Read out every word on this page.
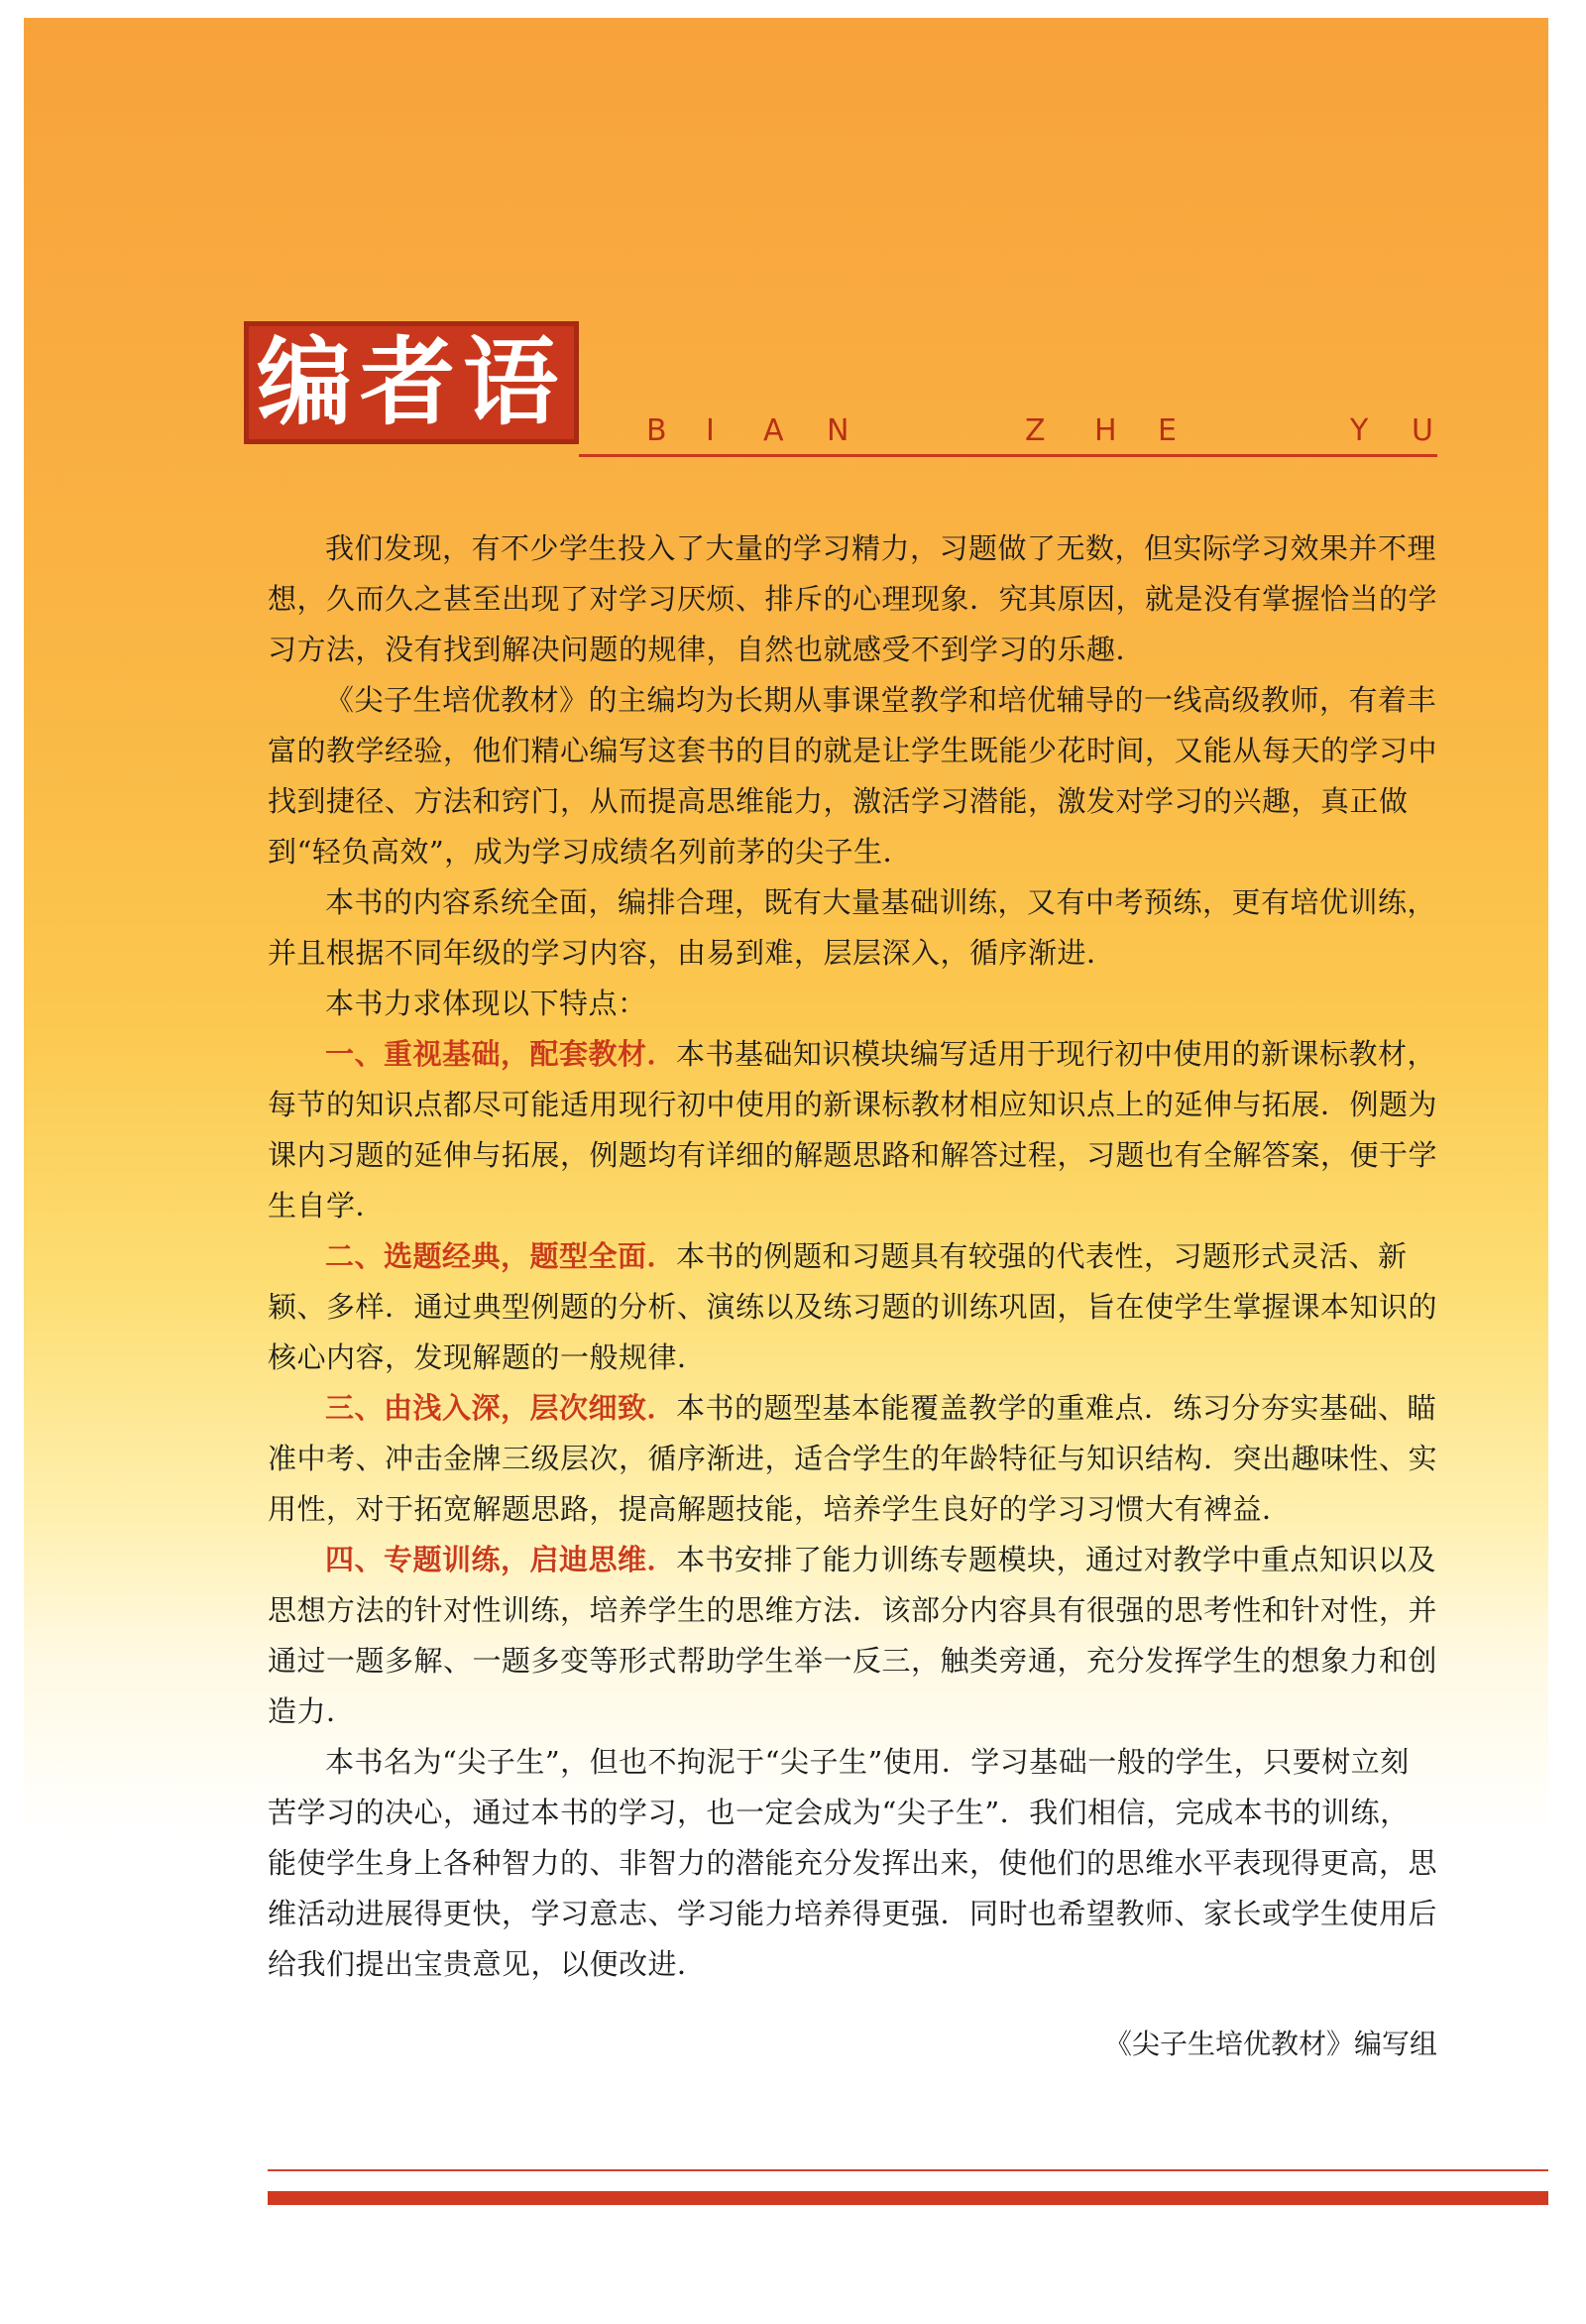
编者语	B I A N	Z H E	Y U

我们发现，有不少学生投入了大量的学习精力，习题做了无数，但实际学习效果并不理想，久而久之甚至出现了对学习厌烦、排斥的心理现象．究其原因，就是没有掌握恰当的学习方法，没有找到解决问题的规律，自然也就感受不到学习的乐趣．

《尖子生培优教材》的主编均为长期从事课堂教学和培优辅导的一线高级教师，有着丰富的教学经验，他们精心编写这套书的目的就是让学生既能少花时间，又能从每天的学习中找到捷径、方法和窍门，从而提高思维能力，激活学习潜能，激发对学习的兴趣，真正做到“轻负高效”，成为学习成绩名列前茅的尖子生．

本书的内容系统全面，编排合理，既有大量基础训练，又有中考预练，更有培优训练，并且根据不同年级的学习内容，由易到难，层层深入，循序渐进．

本书力求体现以下特点：

一、重视基础，配套教材．本书基础知识模块编写适用于现行初中使用的新课标教材，每节的知识点都尽可能适用现行初中使用的新课标教材相应知识点上的延伸与拓展．例题为课内习题的延伸与拓展，例题均有详细的解题思路和解答过程，习题也有全解答案，便于学生自学．

二、选题经典，题型全面．本书的例题和习题具有较强的代表性，习题形式灵活、新颖、多样．通过典型例题的分析、演练以及练习题的训练巩固，旨在使学生掌握课本知识的核心内容，发现解题的一般规律．

三、由浅入深，层次细致．本书的题型基本能覆盖教学的重难点．练习分夯实基础、瞄准中考、冲击金牌三级层次，循序渐进，适合学生的年龄特征与知识结构．突出趣味性、实用性，对于拓宽解题思路，提高解题技能，培养学生良好的学习习惯大有裨益．

四、专题训练，启迪思维．本书安排了能力训练专题模块，通过对教学中重点知识以及思想方法的针对性训练，培养学生的思维方法．该部分内容具有很强的思考性和针对性，并通过一题多解、一题多变等形式帮助学生举一反三，触类旁通，充分发挥学生的想象力和创造力．

本书名为“尖子生”，但也不拘泥于“尖子生”使用．学习基础一般的学生，只要树立刻苦学习的决心，通过本书的学习，也一定会成为“尖子生”．我们相信，完成本书的训练，能使学生身上各种智力的、非智力的潜能充分发挥出来，使他们的思维水平表现得更高，思维活动进展得更快，学习意志、学习能力培养得更强．同时也希望教师、家长或学生使用后给我们提出宝贵意见，以便改进．

《尖子生培优教材》编写组
